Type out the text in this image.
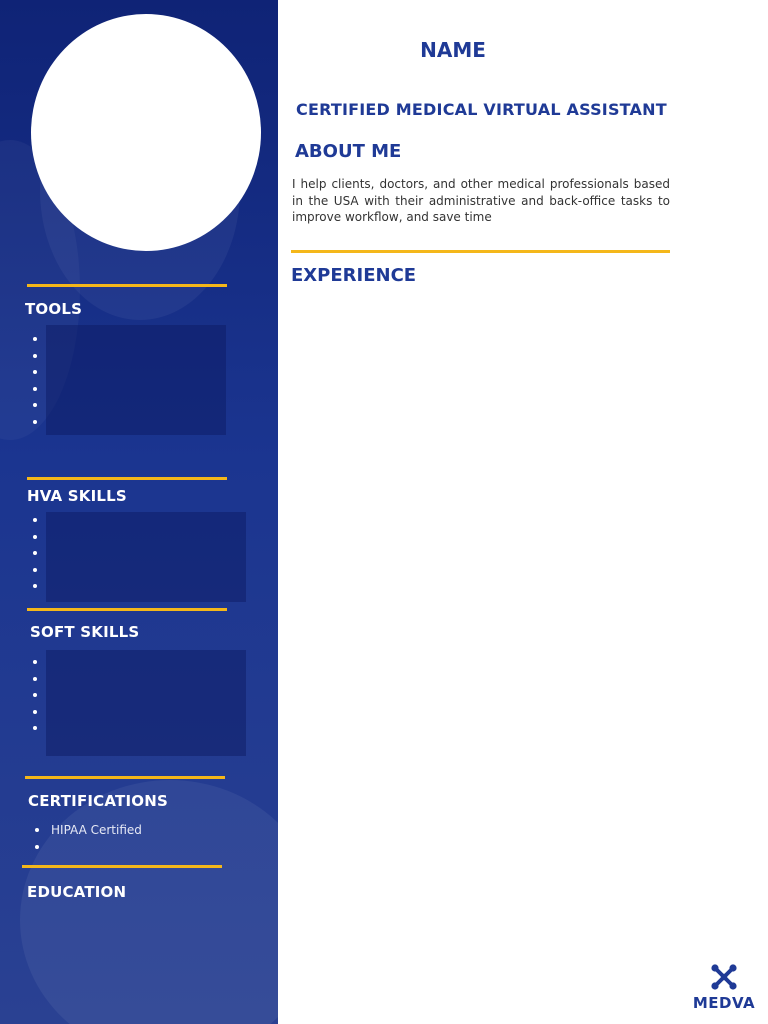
TOOLS
HVA SKILLS
SOFT SKILLS
CERTIFICATIONS
HIPAA Certified
EDUCATION
NAME
CERTIFIED MEDICAL VIRTUAL ASSISTANT
ABOUT ME

I help clients, doctors, and other medical professionals based in the USA with their administrative and back-office tasks to improve workflow, and save time

EXPERIENCE
MEDVA
